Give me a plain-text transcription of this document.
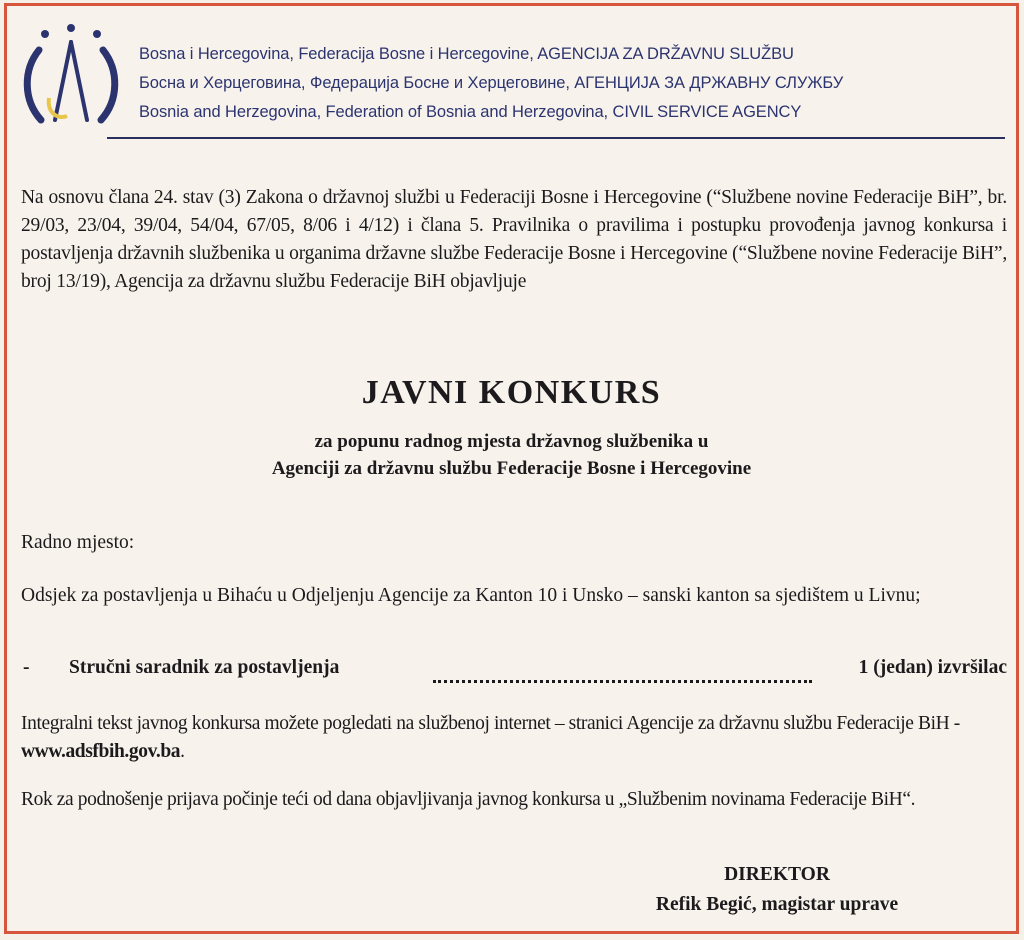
Bosna i Hercegovina, Federacija Bosne i Hercegovine, AGENCIJA ZA DRŽAVNU SLUŽBU
Босна и Херцеговина, Федерација Босне и Херцеговине, АГЕНЦИЈА ЗА ДРЖАВНУ СЛУЖБУ
Bosnia and Herzegovina, Federation of Bosnia and Herzegovina, CIVIL SERVICE AGENCY
Na osnovu člana 24. stav (3) Zakona o državnoj službi u Federaciji Bosne i Hercegovine (“Službene novine Federacije BiH”, br. 29/03, 23/04, 39/04, 54/04, 67/05, 8/06 i 4/12) i člana 5. Pravilnika o pravilima i postupku provođenja javnog konkursa i postavljenja državnih službenika u organima državne službe Federacije Bosne i Hercegovine (“Službene novine Federacije BiH”, broj 13/19), Agencija za državnu službu Federacije BiH objavljuje
JAVNI KONKURS
za popunu radnog mjesta državnog službenika u
Agenciji za državnu službu Federacije Bosne i Hercegovine
Radno mjesto:
Odsjek za postavljenja u Bihaću u Odjeljenju Agencije za Kanton 10 i Unsko – sanski kanton sa sjedištem u Livnu;
- Stručni saradnik za postavljenja	1 (jedan) izvršilac
Integralni tekst javnog konkursa možete pogledati na službenoj internet – stranici Agencije za državnu službu Federacije BiH - www.adsfbih.gov.ba.
Rok za podnošenje prijava počinje teći od dana objavljivanja javnog konkursa u „Službenim novinama Federacije BiH“.
DIREKTOR
Refik Begić, magistar uprave
